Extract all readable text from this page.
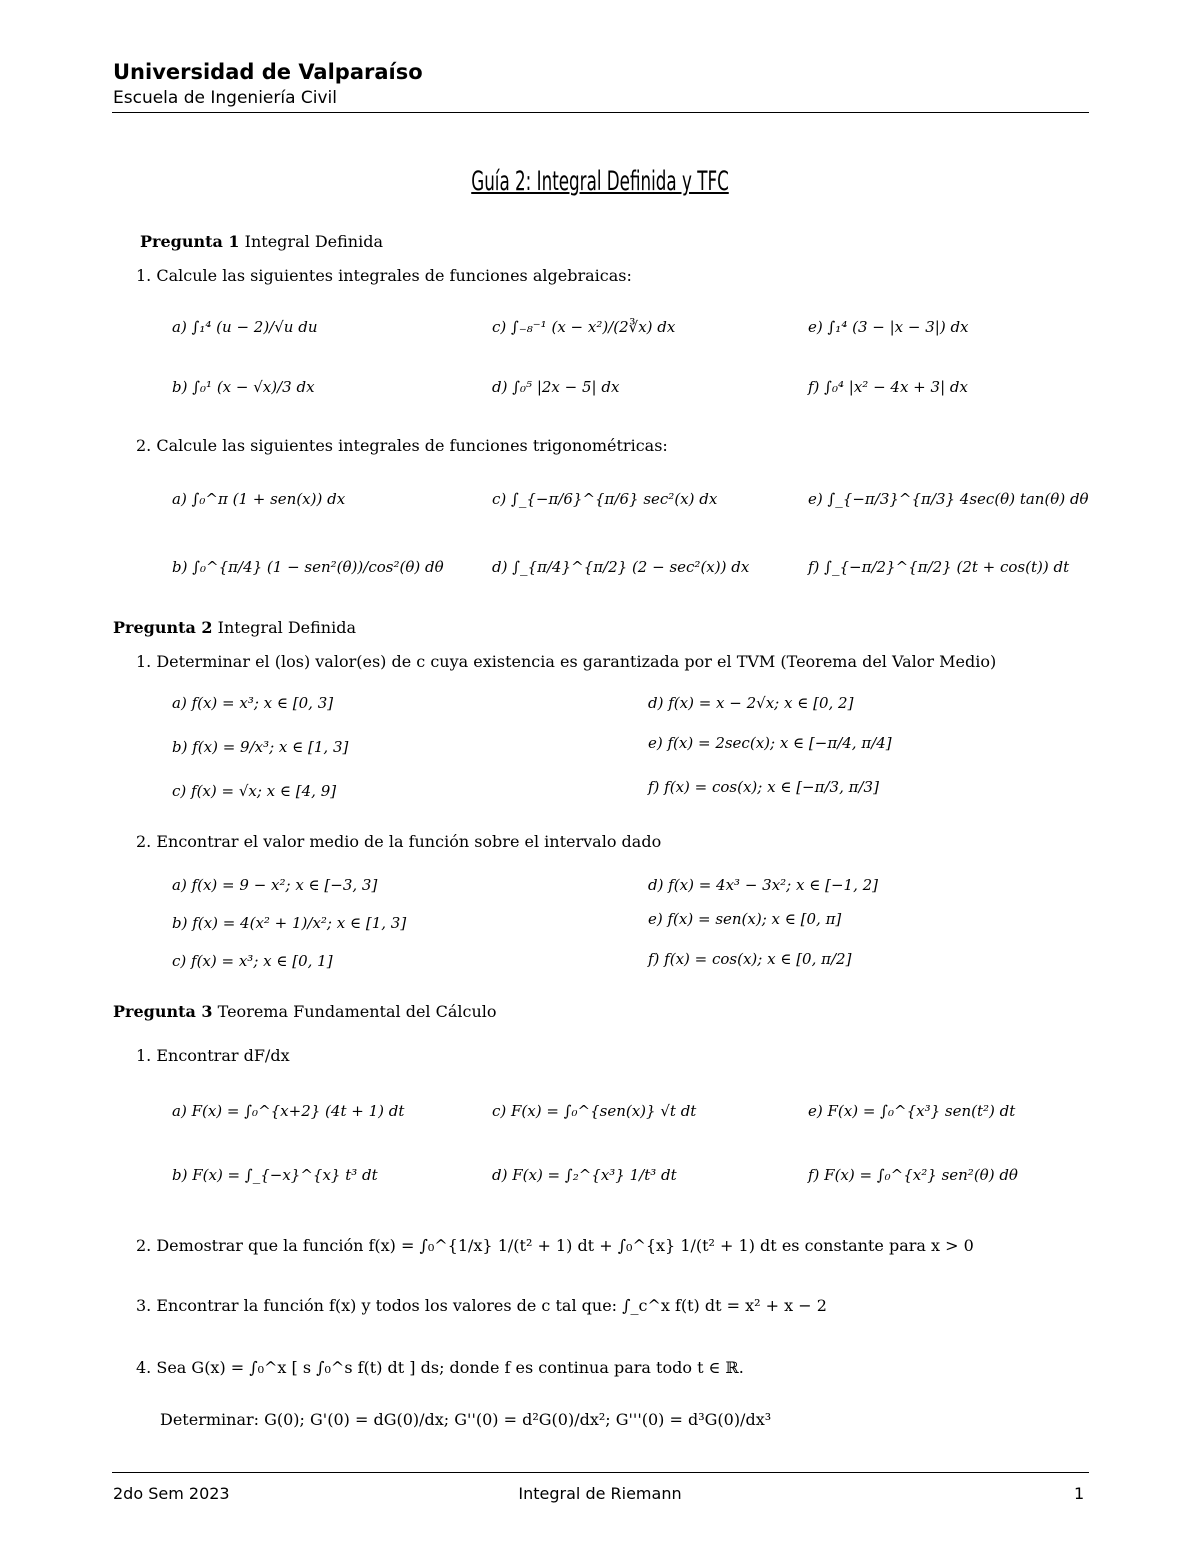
Universidad de Valparaíso
Escuela de Ingeniería Civil
Guía 2: Integral Definida y TFC
Pregunta 1 Integral Definida
1. Calcule las siguientes integrales de funciones algebraicas:
a) ∫₁⁴ (u − 2)/√u du
b) ∫₀¹ (x − √x)/3 dx
c) ∫₋₈⁻¹ (x − x²)/(2∛x) dx
d) ∫₀⁵ |2x − 5| dx
e) ∫₁⁴ (3 − |x − 3|) dx
f) ∫₀⁴ |x² − 4x + 3| dx
2. Calcule las siguientes integrales de funciones trigonométricas:
a) ∫₀^π (1 + sen(x)) dx
b) ∫₀^{π/4} (1 − sen²(θ))/cos²(θ) dθ
c) ∫_{−π/6}^{π/6} sec²(x) dx
d) ∫_{π/4}^{π/2} (2 − sec²(x)) dx
e) ∫_{−π/3}^{π/3} 4sec(θ) tan(θ) dθ
f) ∫_{−π/2}^{π/2} (2t + cos(t)) dt
Pregunta 2 Integral Definida
1. Determinar el (los) valor(es) de c cuya existencia es garantizada por el TVM (Teorema del Valor Medio)
a) f(x) = x³; x ∈ [0, 3]
b) f(x) = 9/x³; x ∈ [1, 3]
c) f(x) = √x; x ∈ [4, 9]
d) f(x) = x − 2√x; x ∈ [0, 2]
e) f(x) = 2sec(x); x ∈ [−π/4, π/4]
f) f(x) = cos(x); x ∈ [−π/3, π/3]
2. Encontrar el valor medio de la función sobre el intervalo dado
a) f(x) = 9 − x²; x ∈ [−3, 3]
b) f(x) = 4(x² + 1)/x²; x ∈ [1, 3]
c) f(x) = x³; x ∈ [0, 1]
d) f(x) = 4x³ − 3x²; x ∈ [−1, 2]
e) f(x) = sen(x); x ∈ [0, π]
f) f(x) = cos(x); x ∈ [0, π/2]
Pregunta 3 Teorema Fundamental del Cálculo
1. Encontrar dF/dx
a) F(x) = ∫₀^{x+2} (4t + 1) dt
b) F(x) = ∫_{−x}^{x} t³ dt
c) F(x) = ∫₀^{sen(x)} √t dt
d) F(x) = ∫₂^{x³} 1/t³ dt
e) F(x) = ∫₀^{x³} sen(t²) dt
f) F(x) = ∫₀^{x²} sen²(θ) dθ
2. Demostrar que la función f(x) = ∫₀^{1/x} 1/(t² + 1) dt + ∫₀^{x} 1/(t² + 1) dt es constante para x > 0
3. Encontrar la función f(x) y todos los valores de c tal que: ∫_c^x f(t) dt = x² + x − 2
4. Sea G(x) = ∫₀^x [ s ∫₀^s f(t) dt ] ds; donde f es continua para todo t ∈ ℝ.
Determinar: G(0); G'(0) = dG(0)/dx; G''(0) = d²G(0)/dx²; G'''(0) = d³G(0)/dx³
2do Sem 2023	Integral de Riemann	1
